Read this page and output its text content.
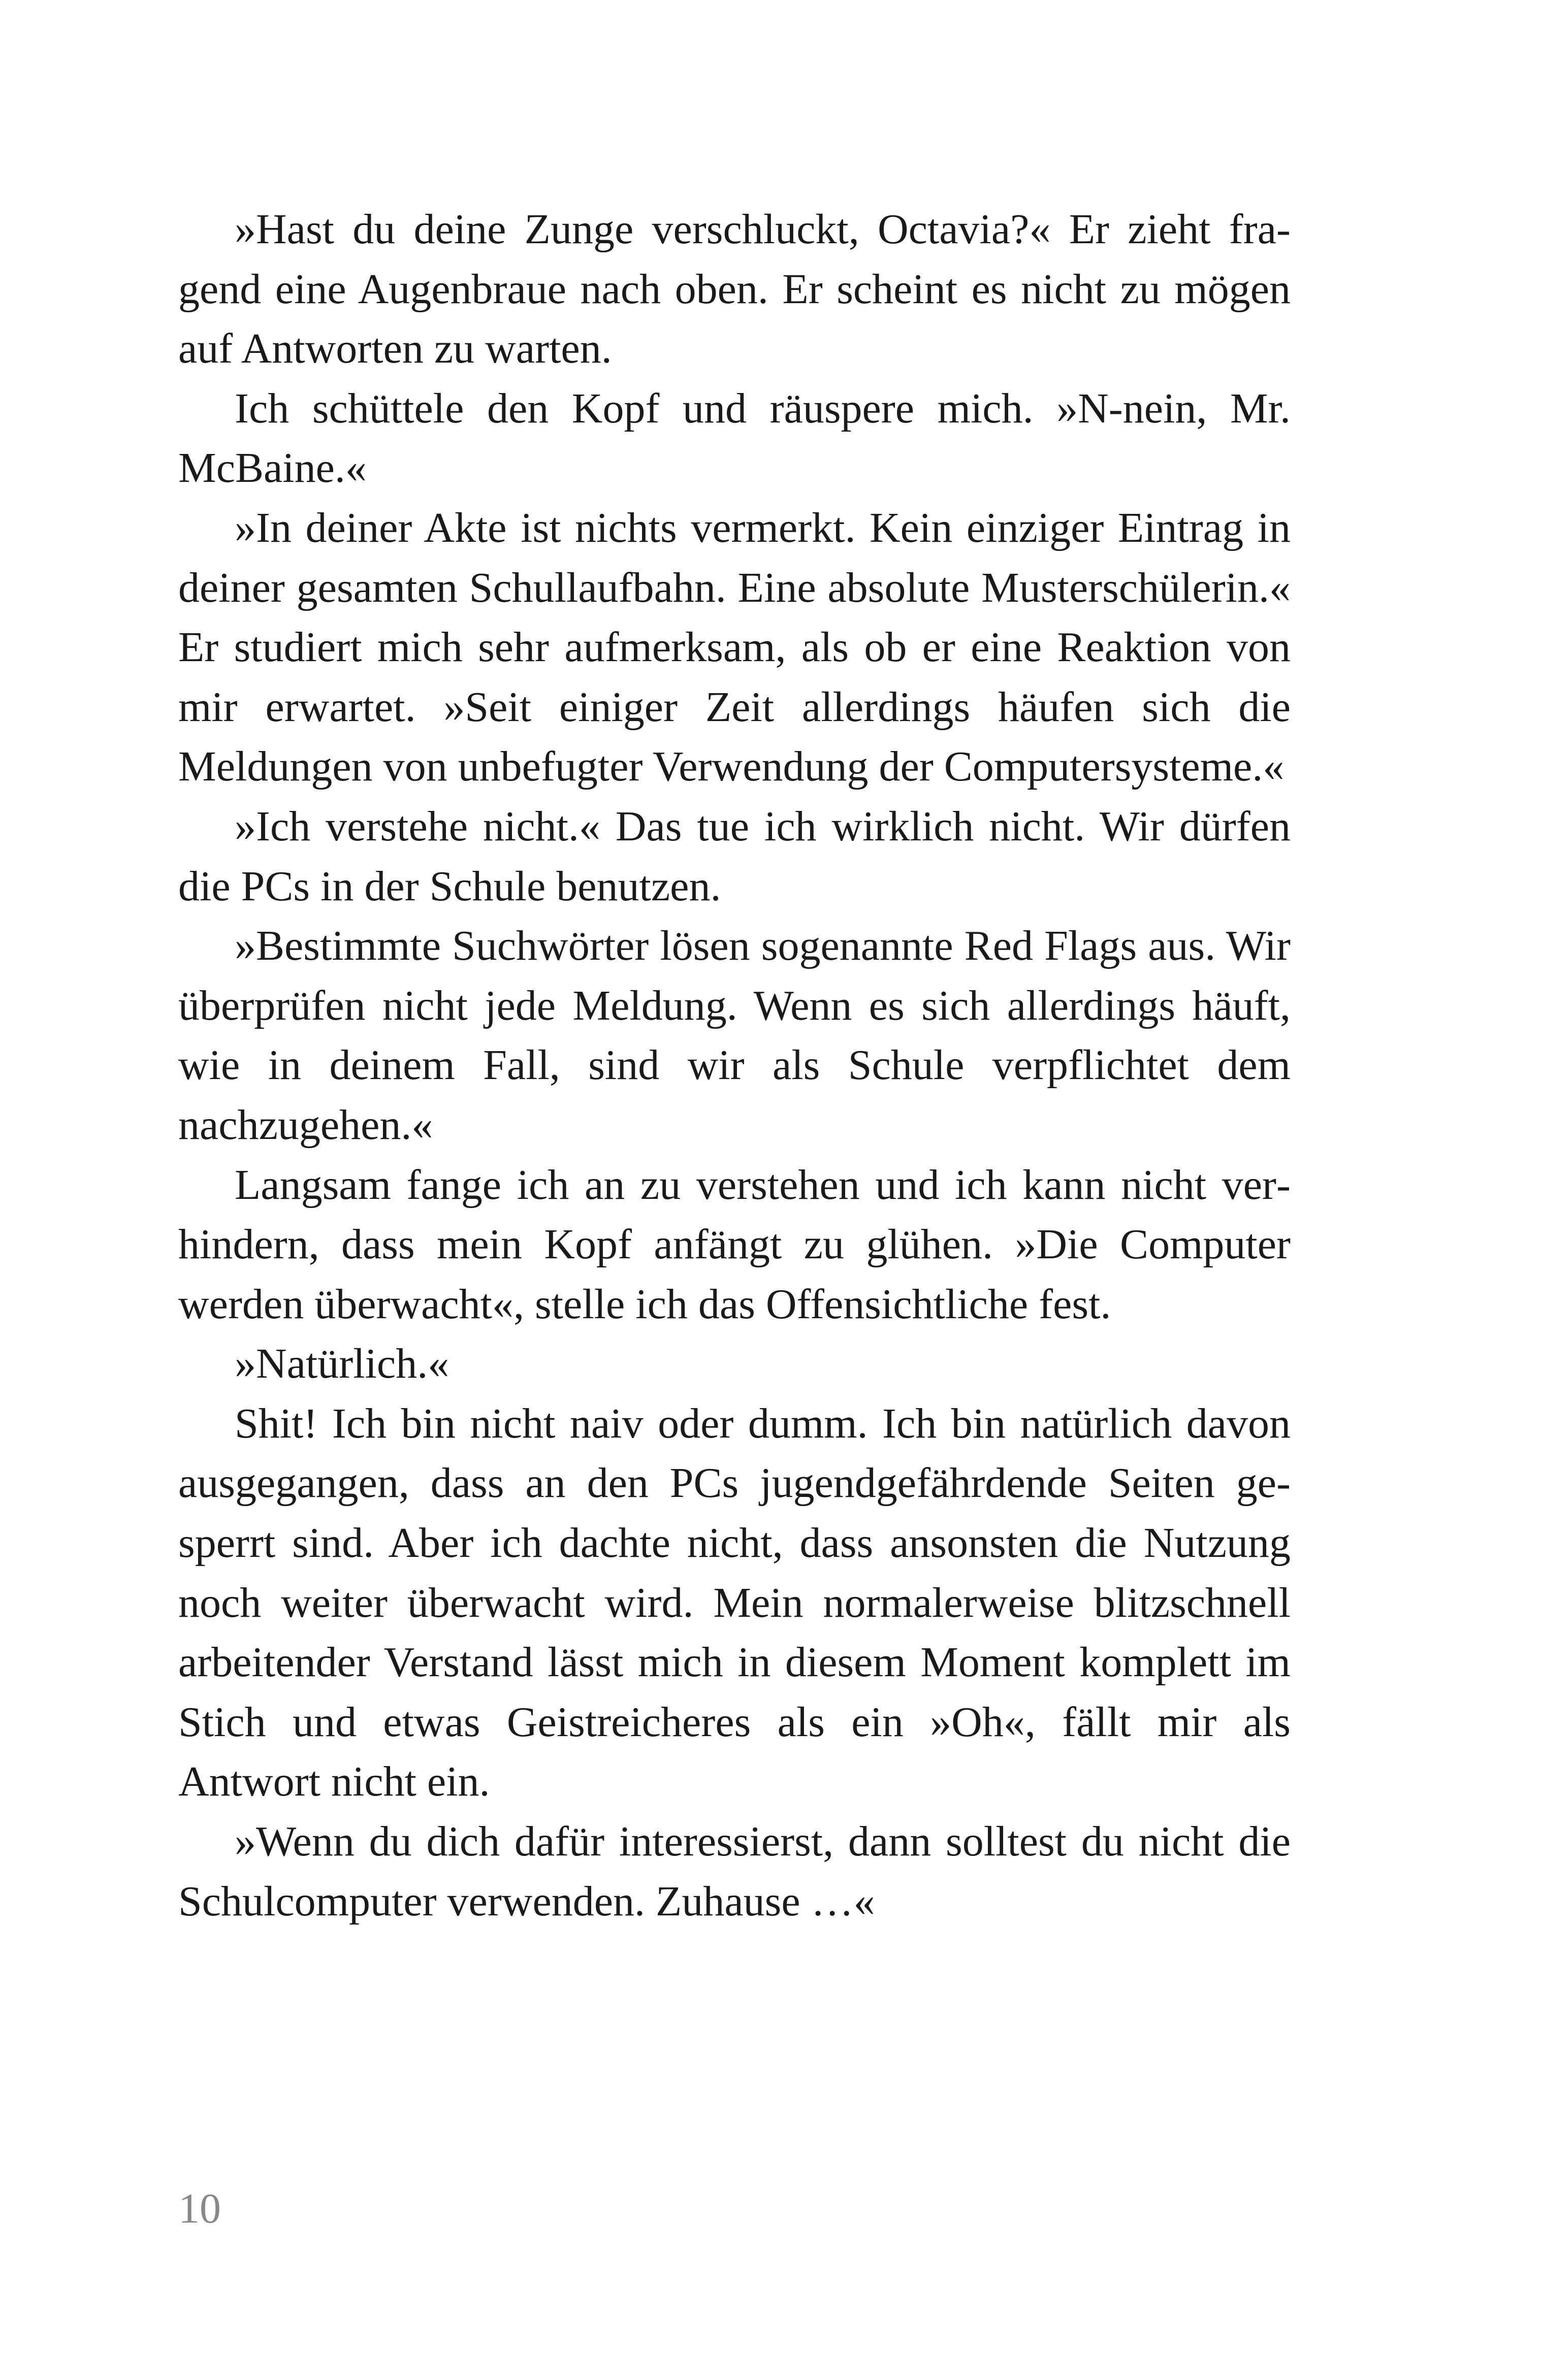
»Hast du deine Zunge verschluckt, Octavia?« Er zieht fragend eine Augenbraue nach oben. Er scheint es nicht zu mögen auf Antworten zu warten.

Ich schüttele den Kopf und räuspere mich. »N-nein, Mr. McBaine.«

»In deiner Akte ist nichts vermerkt. Kein einziger Eintrag in deiner gesamten Schullaufbahn. Eine absolute Musterschülerin.« Er studiert mich sehr aufmerksam, als ob er eine Reaktion von mir erwartet. »Seit einiger Zeit allerdings häufen sich die Meldungen von unbefugter Verwendung der Computersysteme.«

»Ich verstehe nicht.« Das tue ich wirklich nicht. Wir dürfen die PCs in der Schule benutzen.

»Bestimmte Suchwörter lösen sogenannte Red Flags aus. Wir überprüfen nicht jede Meldung. Wenn es sich allerdings häuft, wie in deinem Fall, sind wir als Schule verpflichtet dem nachzugehen.«

Langsam fange ich an zu verstehen und ich kann nicht verhindern, dass mein Kopf anfängt zu glühen. »Die Computer werden überwacht«, stelle ich das Offensichtliche fest.

»Natürlich.«

Shit! Ich bin nicht naiv oder dumm. Ich bin natürlich davon ausgegangen, dass an den PCs jugendgefährdende Seiten gesperrt sind. Aber ich dachte nicht, dass ansonsten die Nutzung noch weiter überwacht wird. Mein normalerweise blitzschnell arbeitender Verstand lässt mich in diesem Moment komplett im Stich und etwas Geistreicheres als ein »Oh«, fällt mir als Antwort nicht ein.

»Wenn du dich dafür interessierst, dann solltest du nicht die Schulcomputer verwenden. Zuhause …«

10
